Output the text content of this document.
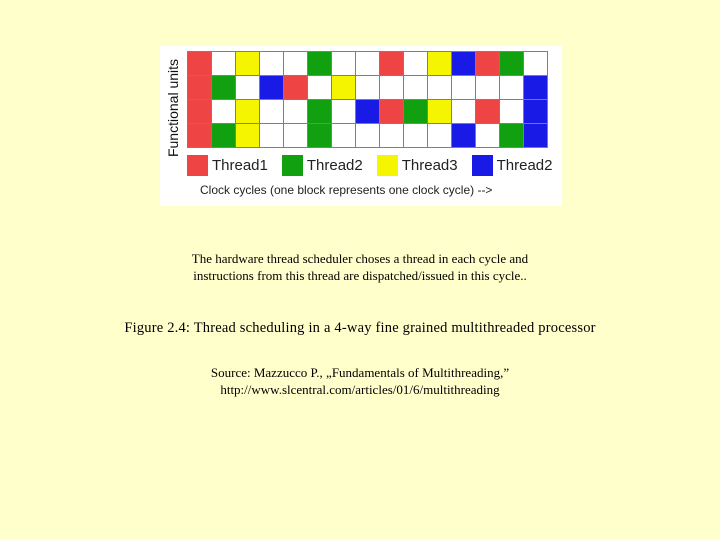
Functional units
Thread1	Thread2	Thread3	Thread2
Clock cycles (one block represents one clock cycle) -->
The hardware thread scheduler choses a thread in each cycle and
instructions from this thread are dispatched/issued in this cycle..
Figure 2.4: Thread scheduling in a 4-way fine grained multithreaded processor
Source: Mazzucco P., „Fundamentals of Multithreading,”
http://www.slcentral.com/articles/01/6/multithreading
